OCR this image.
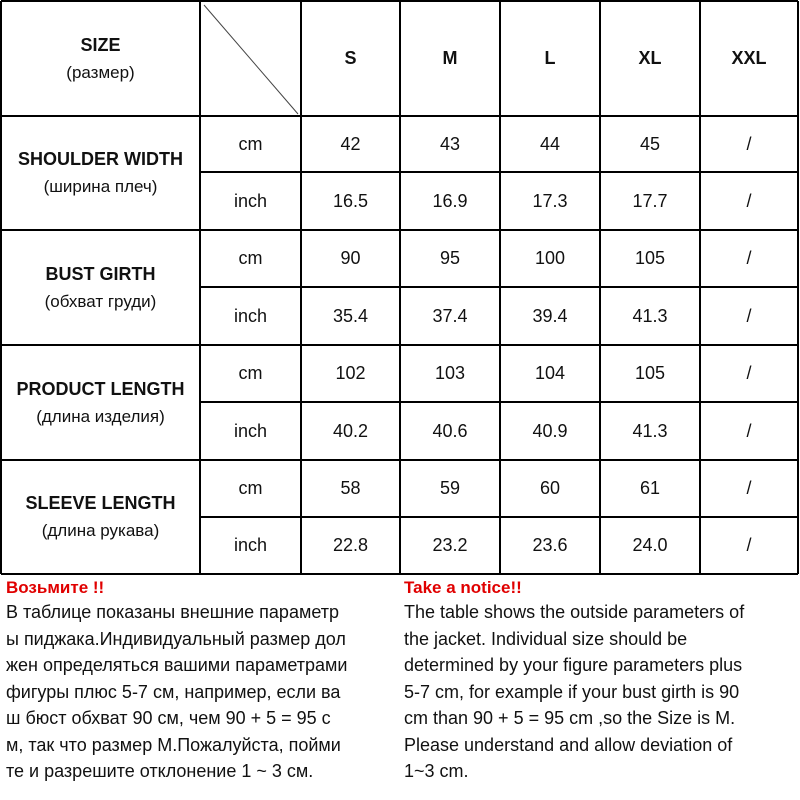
SIZE
(размер)
S	M	L	XL	XXL
SHOULDER WIDTH
(ширина плеч)
cm	42	43	44	45	/
inch	16.5	16.9	17.3	17.7	/
BUST GIRTH
(обхват груди)
cm	90	95	100	105	/
inch	35.4	37.4	39.4	41.3	/
PRODUCT LENGTH
(длина изделия)
cm	102	103	104	105	/
inch	40.2	40.6	40.9	41.3	/
SLEEVE LENGTH
(длина рукава)
cm	58	59	60	61	/
inch	22.8	23.2	23.6	24.0	/
Возьмите !!
В таблице показаны внешние параметр
ы пиджака.Индивидуальный размер дол
жен определяться вашими параметрами
фигуры плюс 5-7 см, например, если ва
ш бюст обхват 90 см, чем 90 + 5 = 95 с
м, так что размер М.Пожалуйста, пойми
те и разрешите отклонение 1 ~ 3 см.
Take a notice!!
The table shows the outside parameters of
the jacket. Individual size should be
determined by your figure parameters plus
5-7 cm, for example if your bust girth is 90
cm than 90 + 5 = 95 cm ,so the Size is M.
Please understand and allow deviation of
1~3 cm.
